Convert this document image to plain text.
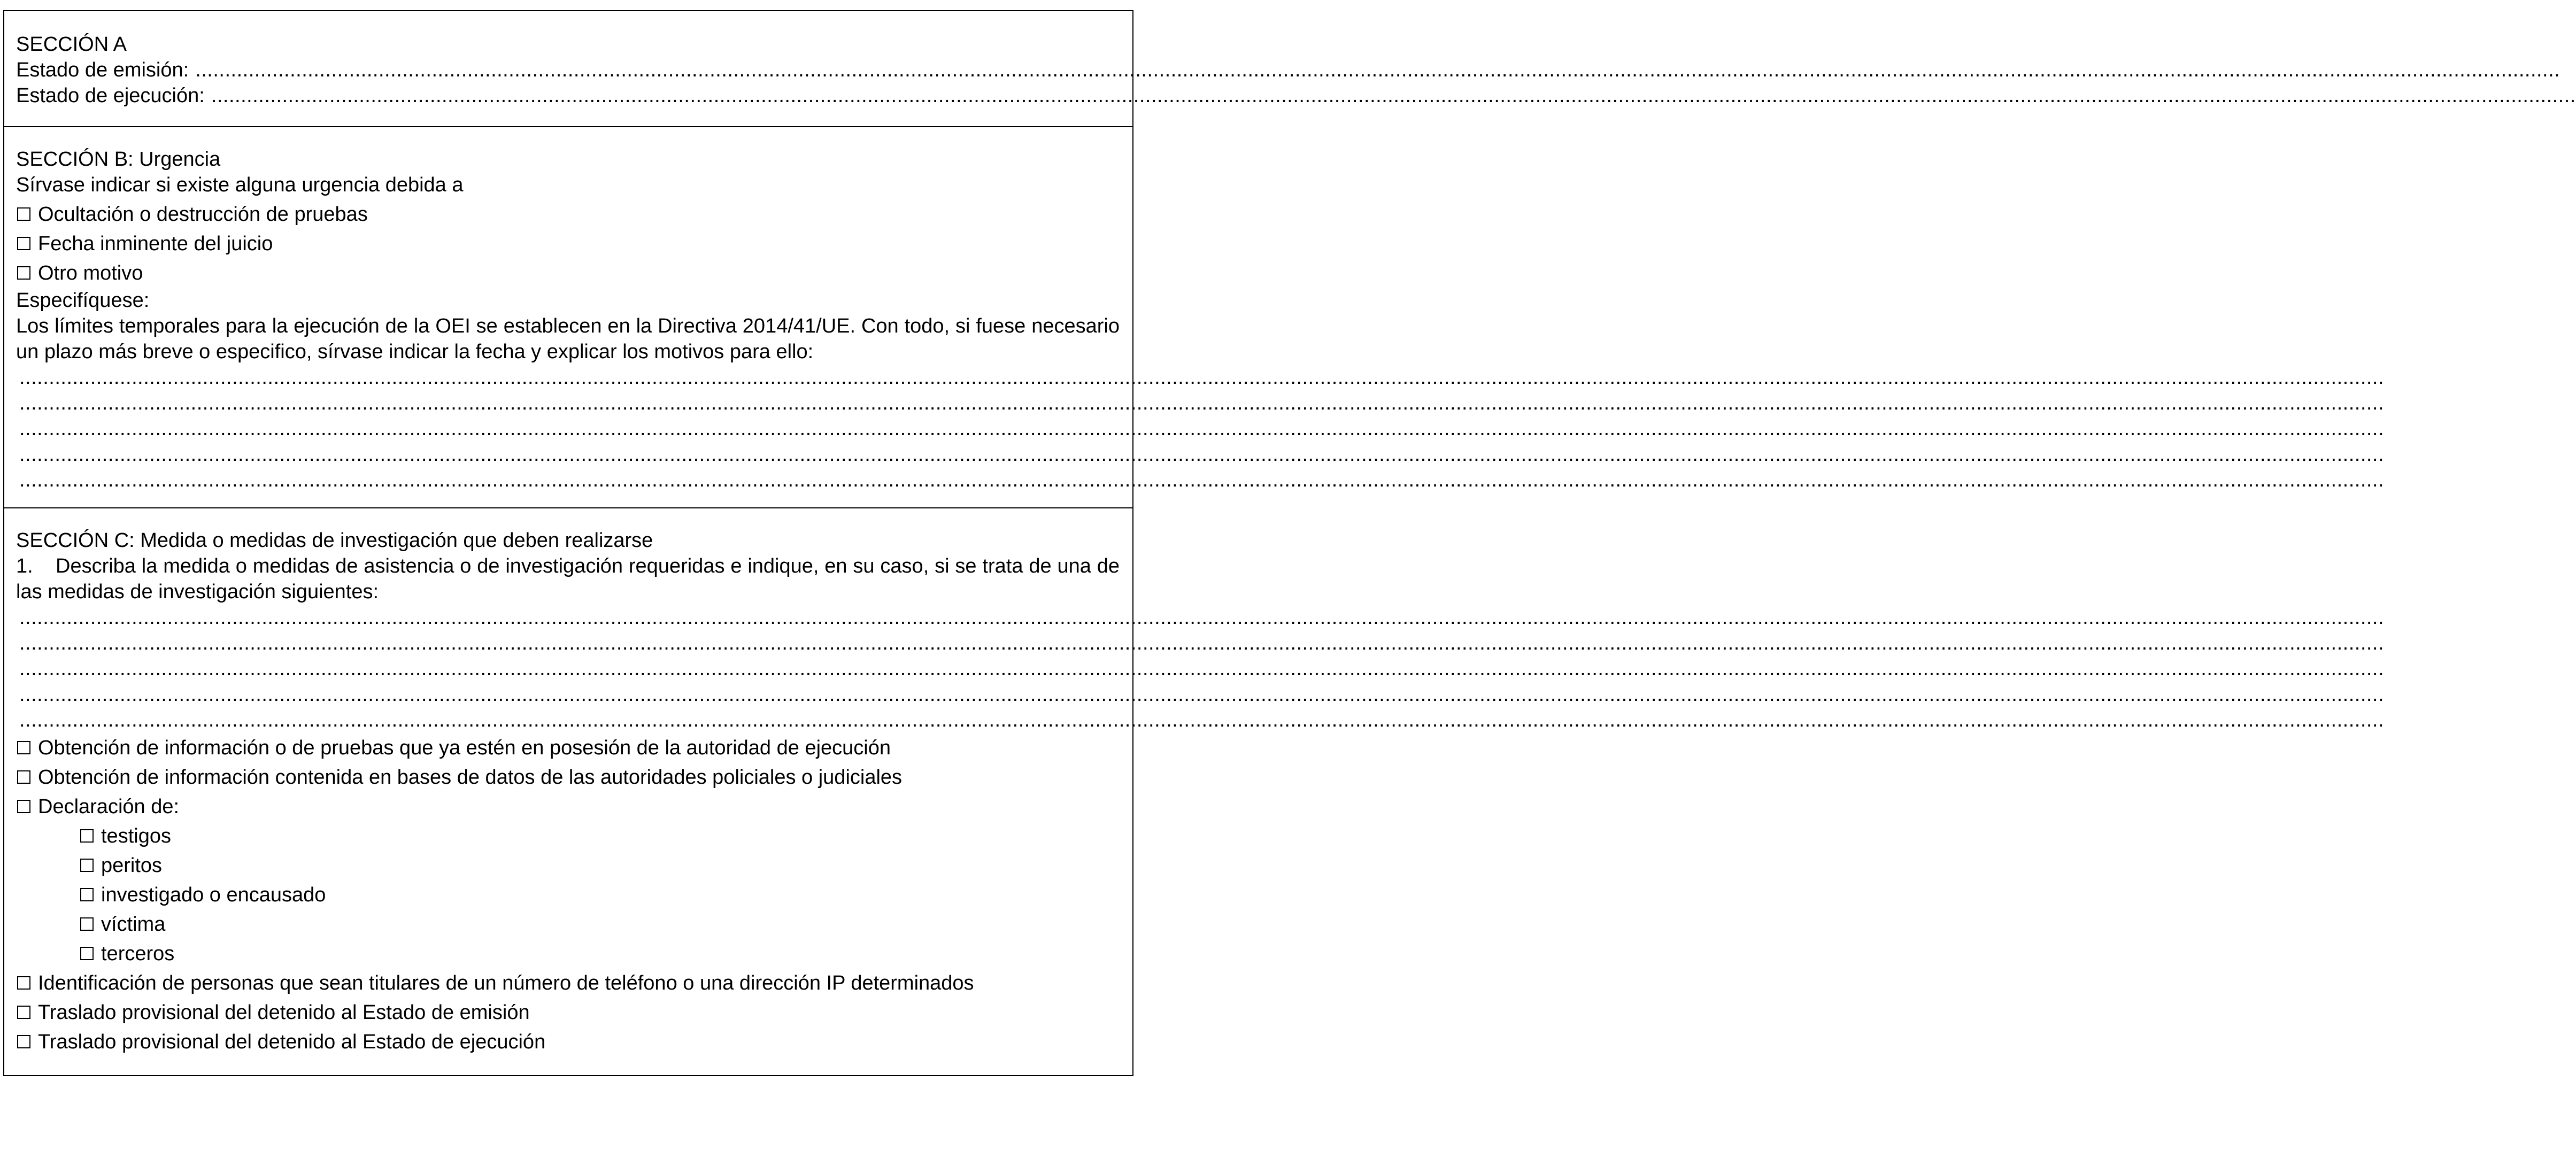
SECCIÓN A
Estado de emisión: ................................................................................................................................................................................................................................................................................................................................................................................................................
Estado de ejecución: ................................................................................................................................................................................................................................................................................................................................................................................................................
SECCIÓN B: Urgencia
Sírvase indicar si existe alguna urgencia debida a
Ocultación o destrucción de pruebas
Fecha inminente del juicio
Otro motivo
Especifíquese:
Los límites temporales para la ejecución de la OEI se establecen en la Directiva 2014/41/UE. Con todo, si fuese necesario un plazo más breve o especifico, sírvase indicar la fecha y explicar los motivos para ello:
................................................................................................................................................................................................................................................................................................................................................................................................................
................................................................................................................................................................................................................................................................................................................................................................................................................
................................................................................................................................................................................................................................................................................................................................................................................................................
................................................................................................................................................................................................................................................................................................................................................................................................................
................................................................................................................................................................................................................................................................................................................................................................................................................
SECCIÓN C: Medida o medidas de investigación que deben realizarse
1. Describa la medida o medidas de asistencia o de investigación requeridas e indique, en su caso, si se trata de una de las medidas de investigación siguientes:
................................................................................................................................................................................................................................................................................................................................................................................................................
................................................................................................................................................................................................................................................................................................................................................................................................................
................................................................................................................................................................................................................................................................................................................................................................................................................
................................................................................................................................................................................................................................................................................................................................................................................................................
................................................................................................................................................................................................................................................................................................................................................................................................................
Obtención de información o de pruebas que ya estén en posesión de la autoridad de ejecución
Obtención de información contenida en bases de datos de las autoridades policiales o judiciales
Declaración de:
testigos
peritos
investigado o encausado
víctima
terceros
Identificación de personas que sean titulares de un número de teléfono o una dirección IP determinados
Traslado provisional del detenido al Estado de emisión
Traslado provisional del detenido al Estado de ejecución
